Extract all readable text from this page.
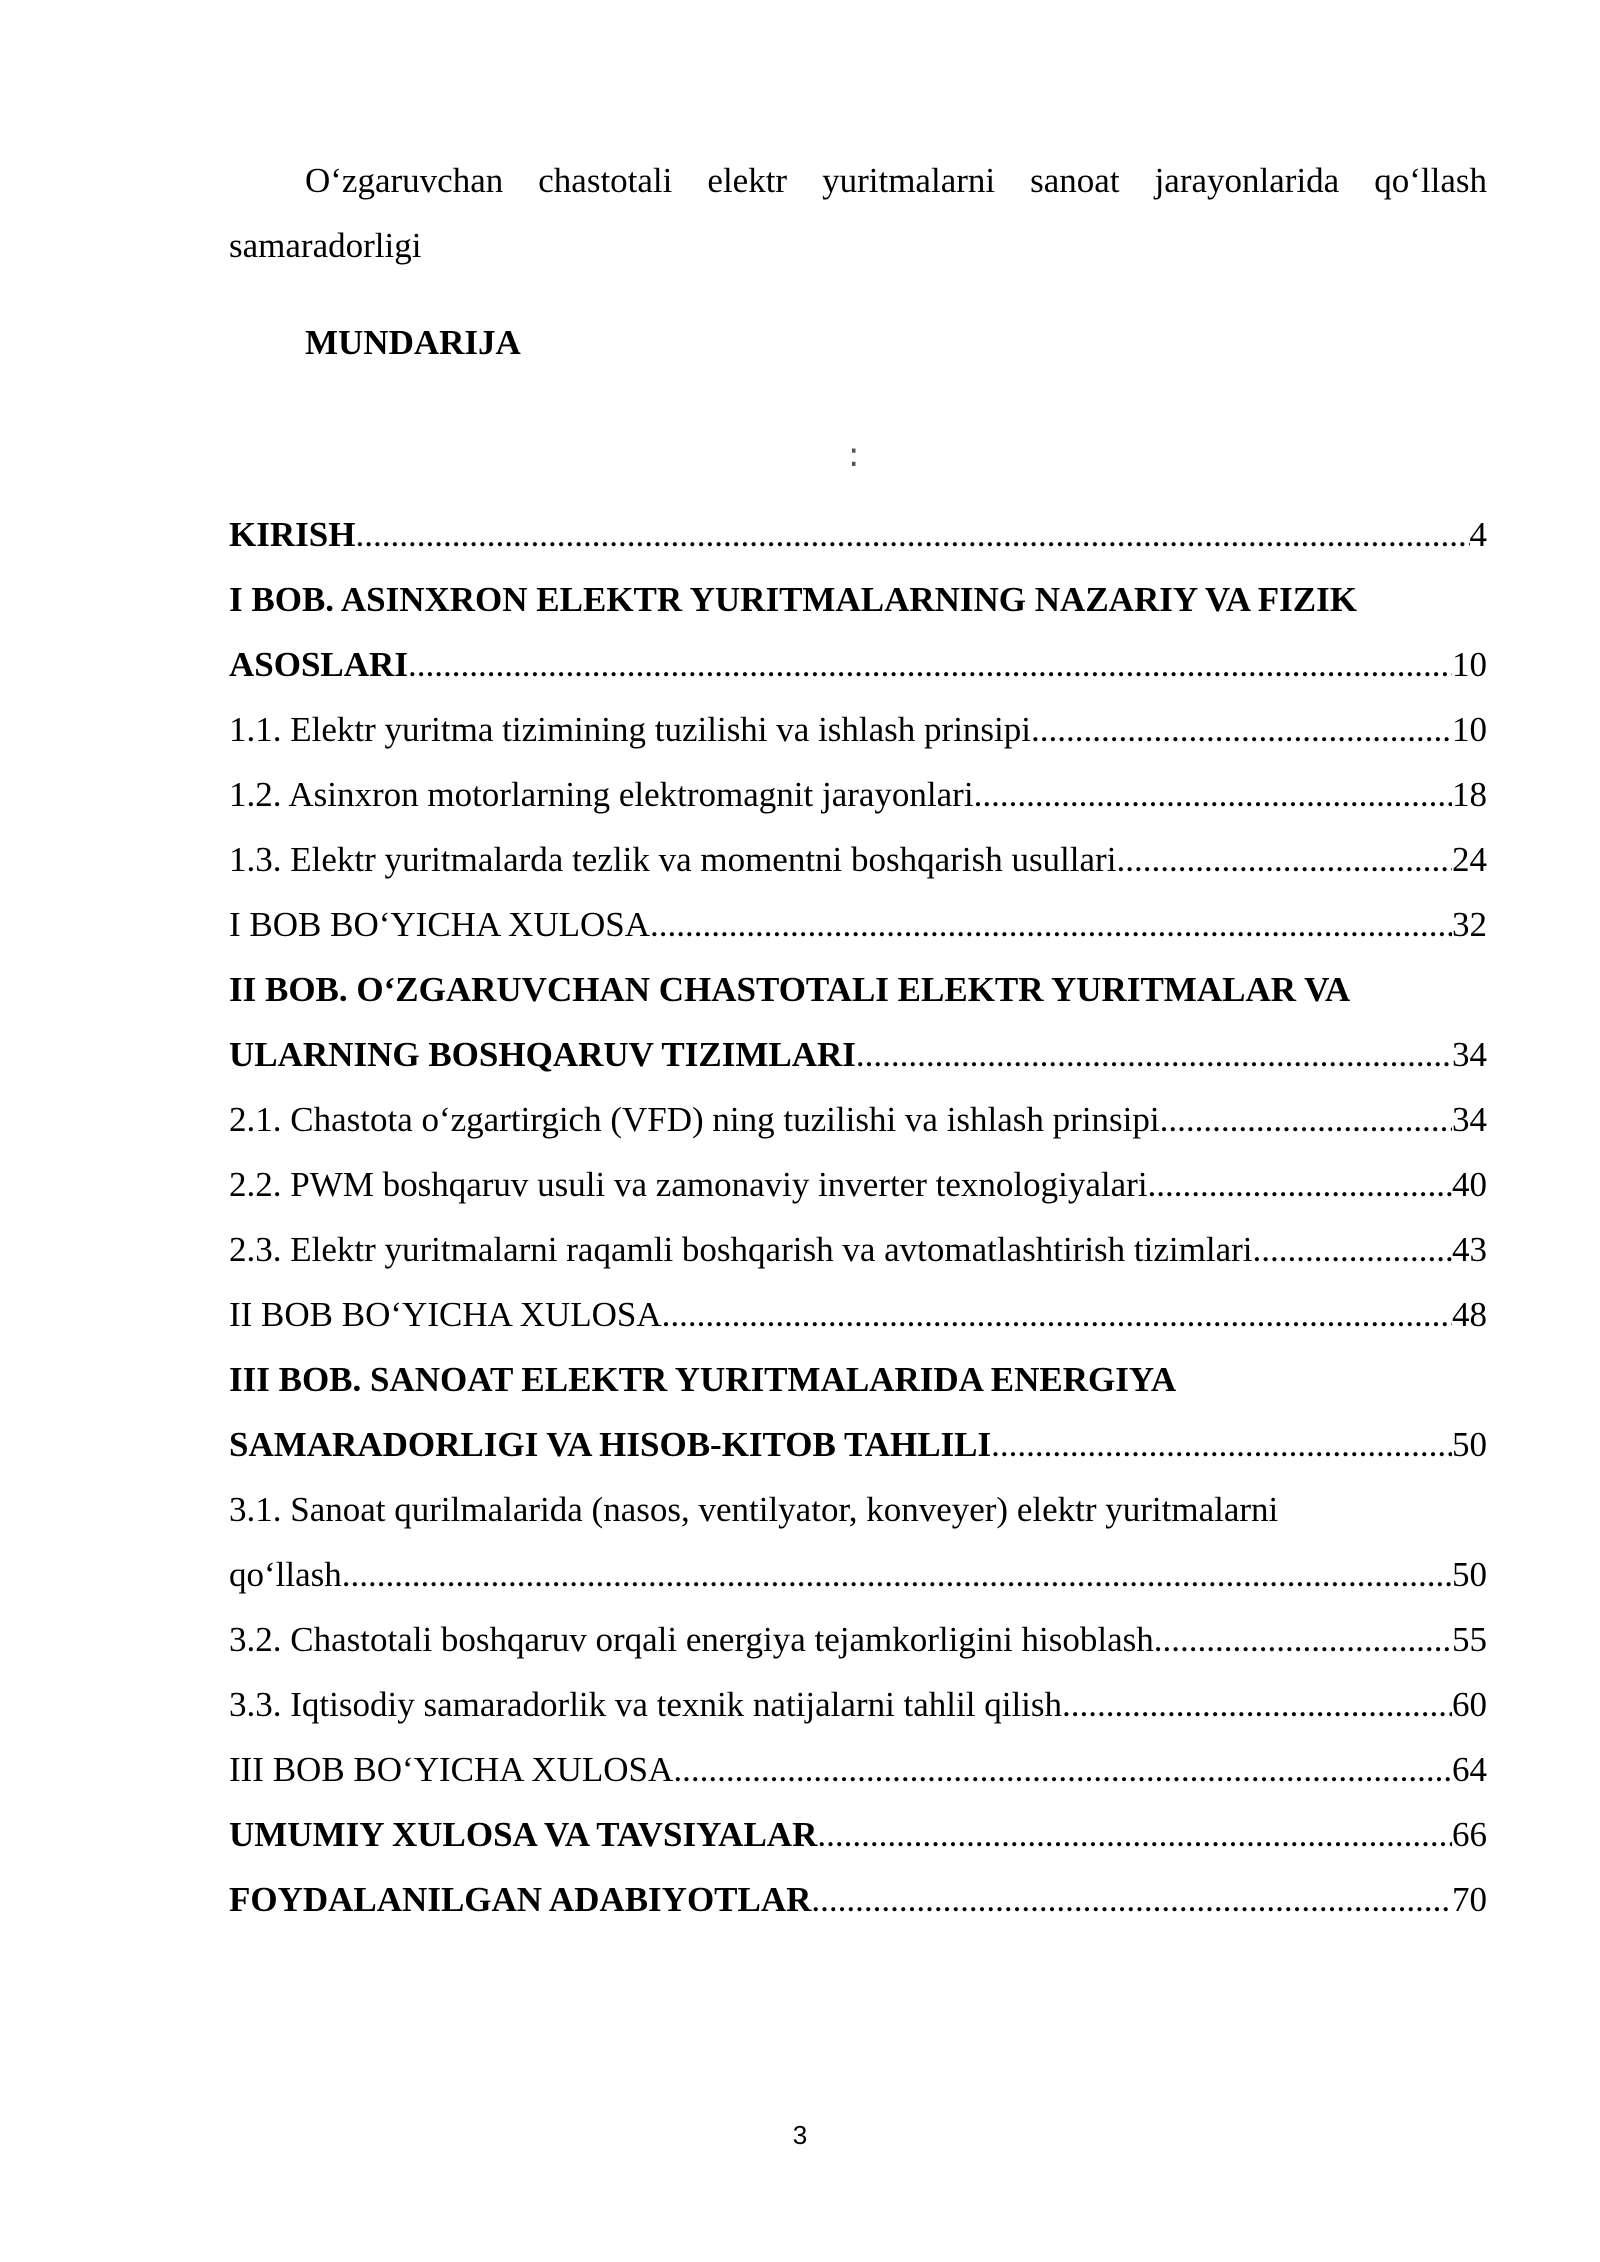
O‘zgaruvchan chastotali elektr yuritmalarni sanoat jarayonlarida qo‘llash samaradorligi
MUNDARIJA
:
KIRISH .....	4
I BOB. ASINXRON ELEKTR YURITMALARNING NAZARIY VA FIZIK
ASOSLARI .....	10
1.1. Elektr yuritma tizimining tuzilishi va ishlash prinsipi .....	10
1.2. Asinxron motorlarning elektromagnit jarayonlari .....	18
1.3. Elektr yuritmalarda tezlik va momentni boshqarish usullari .....	24
I BOB BO‘YICHA XULOSA .....	32
II BOB. O‘ZGARUVCHAN CHASTOTALI ELEKTR YURITMALAR VA
ULARNING BOSHQARUV TIZIMLARI .....	34
2.1. Chastota o‘zgartirgich (VFD) ning tuzilishi va ishlash prinsipi .....	34
2.2. PWM boshqaruv usuli va zamonaviy inverter texnologiyalari .....	40
2.3. Elektr yuritmalarni raqamli boshqarish va avtomatlashtirish tizimlari .....	43
II BOB BO‘YICHA XULOSA .....	48
III BOB. SANOAT ELEKTR YURITMALARIDA ENERGIYA
SAMARADORLIGI VA HISOB-KITOB TAHLILI .....	50
3.1. Sanoat qurilmalarida (nasos, ventilyator, konveyer) elektr yuritmalarni
qo‘llash .....	50
3.2. Chastotali boshqaruv orqali energiya tejamkorligini hisoblash .....	55
3.3. Iqtisodiy samaradorlik va texnik natijalarni tahlil qilish .....	60
III BOB BO‘YICHA XULOSA .....	64
UMUMIY XULOSA VA TAVSIYALAR .....	66
FOYDALANILGAN ADABIYOTLAR .....	70
3
